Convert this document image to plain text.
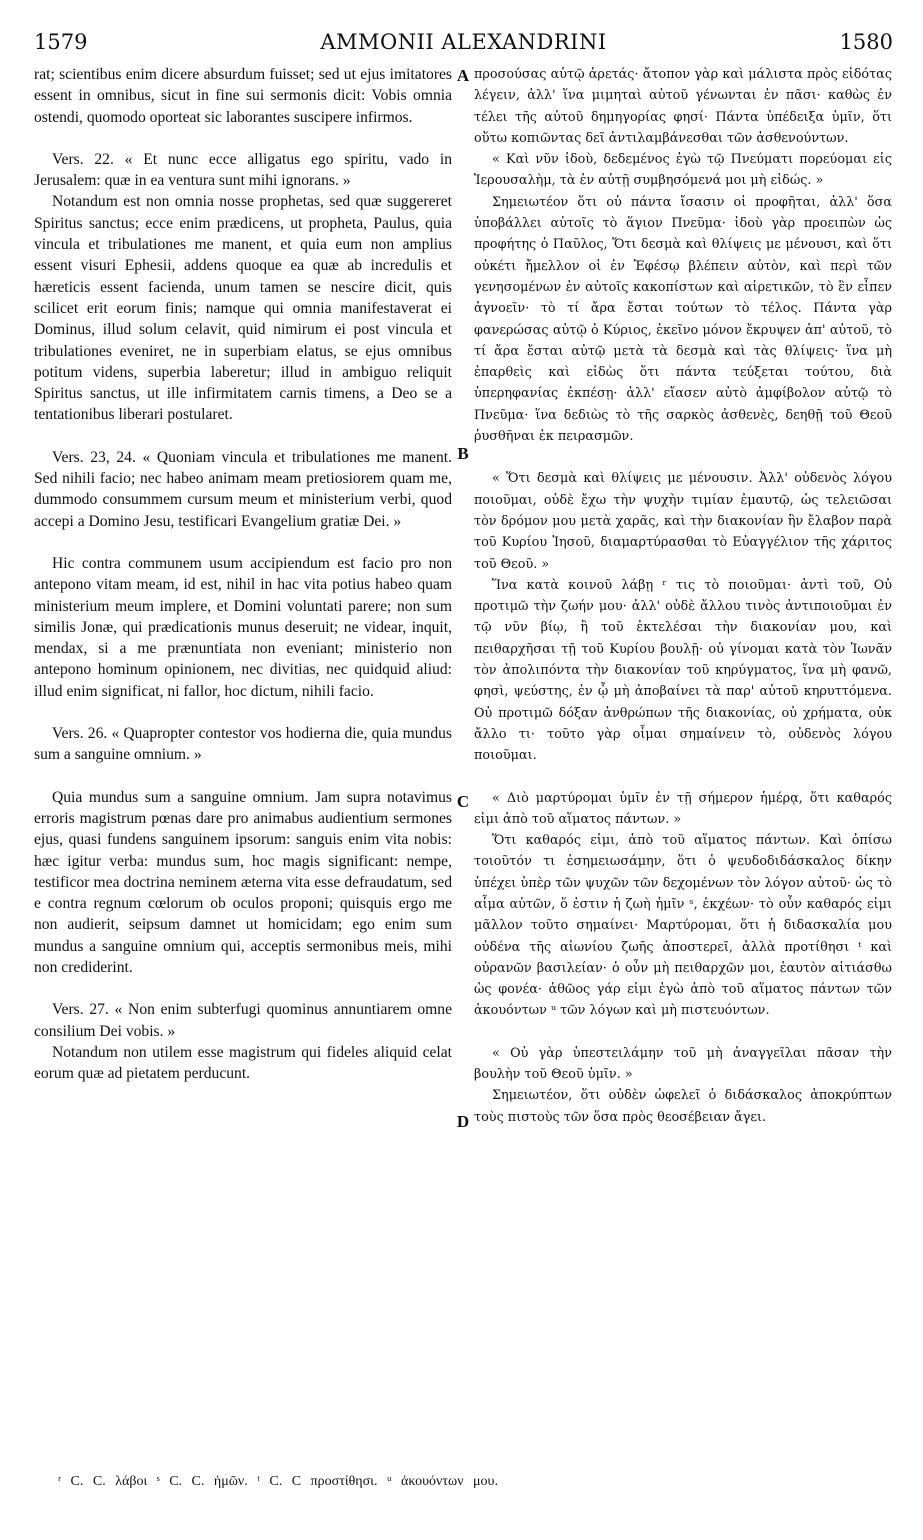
1579	AMMONII ALEXANDRINI	1580

rat; scientibus enim dicere absurdum fuisset; sed ut ejus imitatores essent in omnibus, sicut in fine sui sermonis dicit: Vobis omnia ostendi, quomodo oporteat sic laborantes suscipere infirmos.

Vers. 22. « Et nunc ecce alligatus ego spiritu, vado in Jerusalem: quæ in ea ventura sunt mihi ignorans. »

Notandum est non omnia nosse prophetas, sed quæ suggereret Spiritus sanctus; ecce enim prædicens, ut propheta, Paulus, quia vincula et tribulationes me manent, et quia eum non amplius essent visuri Ephesii, addens quoque ea quæ ab incredulis et hæreticis essent facienda, unum tamen se nescire dicit, quis scilicet erit eorum finis; namque qui omnia manifestaverat ei Dominus, illud solum celavit, quid nimirum ei post vincula et tribulationes eveniret, ne in superbiam elatus, se ejus omnibus potitum videns, superbia laberetur; illud in ambiguo reliquit Spiritus sanctus, ut ille infirmitatem carnis timens, a Deo se a tentationibus liberari postularet.

Vers. 23, 24. « Quoniam vincula et tribulationes me manent. Sed nihili facio; nec habeo animam meam pretiosiorem quam me, dummodo consummem cursum meum et ministerium verbi, quod accepi a Domino Jesu, testificari Evangelium gratiæ Dei. »

Hic contra communem usum accipiendum est facio pro non antepono vitam meam, id est, nihil in hac vita potius habeo quam ministerium meum implere, et Domini voluntati parere; non sum similis Jonæ, qui prædicationis munus deseruit; ne videar, inquit, mendax, si a me prænuntiata non eveniant; ministerio non antepono hominum opinionem, nec divitias, nec quidquid aliud: illud enim significat, ni fallor, hoc dictum, nihili facio.

Vers. 26. « Quapropter contestor vos hodierna die, quia mundus sum a sanguine omnium. »

Quia mundus sum a sanguine omnium. Jam supra notavimus erroris magistrum pœnas dare pro animabus audientium sermones ejus, quasi fundens sanguinem ipsorum: sanguis enim vita nobis: hæc igitur verba: mundus sum, hoc magis significant: nempe, testificor mea doctrina neminem æterna vita esse defraudatum, sed e contra regnum cœlorum ob oculos proponi; quisquis ergo me non audierit, seipsum damnet ut homicidam; ego enim sum mundus a sanguine omnium qui, acceptis sermonibus meis, mihi non crediderint.

Vers. 27. « Non enim subterfugi quominus annuntiarem omne consilium Dei vobis. »

Notandum non utilem esse magistrum qui fideles aliquid celat eorum quæ ad pietatem perducunt.

A
B
C
D

προσούσας αὐτῷ ἀρετάς· ἄτοπον γὰρ καὶ μάλιστα πρὸς εἰδότας λέγειν, ἀλλ' ἵνα μιμηταὶ αὐτοῦ γένωνται ἐν πᾶσι· καθὼς ἐν τέλει τῆς αὐτοῦ δημηγορίας φησί· Πάντα ὑπέδειξα ὑμῖν, ὅτι οὕτω κοπιῶντας δεῖ ἀντιλαμβάνεσθαι τῶν ἀσθενούντων.

« Καὶ νῦν ἰδοὺ, δεδεμένος ἐγὼ τῷ Πνεύματι πορεύομαι εἰς Ἱερουσαλὴμ, τὰ ἐν αὐτῇ συμβησόμενά μοι μὴ εἰδώς. »

Σημειωτέον ὅτι οὐ πάντα ἴσασιν οἱ προφῆται, ἀλλ' ὅσα ὑποβάλλει αὐτοῖς τὸ ἅγιον Πνεῦμα· ἰδοὺ γὰρ προειπὼν ὡς προφήτης ὁ Παῦλος, Ὅτι δεσμὰ καὶ θλίψεις με μένουσι, καὶ ὅτι οὐκέτι ἤμελλον οἱ ἐν Ἐφέσῳ βλέπειν αὐτὸν, καὶ περὶ τῶν γενησομένων ἐν αὐτοῖς κακοπίστων καὶ αἱρετικῶν, τὸ ἓν εἶπεν ἀγνοεῖν· τὸ τί ἄρα ἔσται τούτων τὸ τέλος. Πάντα γὰρ φανερώσας αὐτῷ ὁ Κύριος, ἐκεῖνο μόνον ἔκρυψεν ἀπ' αὐτοῦ, τὸ τί ἄρα ἔσται αὐτῷ μετὰ τὰ δεσμὰ καὶ τὰς θλίψεις· ἵνα μὴ ἐπαρθεὶς καὶ εἰδὼς ὅτι πάντα τεύξεται τούτου, διὰ ὑπερηφανίας ἐκπέσῃ· ἀλλ' εἴασεν αὐτὸ ἀμφίβολον αὐτῷ τὸ Πνεῦμα· ἵνα δεδιὼς τὸ τῆς σαρκὸς ἀσθενὲς, δεηθῇ τοῦ Θεοῦ ῥυσθῆναι ἐκ πειρασμῶν.

« Ὅτι δεσμὰ καὶ θλίψεις με μένουσιν. Ἀλλ' οὐδενὸς λόγου ποιοῦμαι, οὐδὲ ἔχω τὴν ψυχὴν τιμίαν ἐμαυτῷ, ὡς τελειῶσαι τὸν δρόμον μου μετὰ χαρᾶς, καὶ τὴν διακονίαν ἣν ἔλαβον παρὰ τοῦ Κυρίου Ἰησοῦ, διαμαρτύρασθαι τὸ Εὐαγγέλιον τῆς χάριτος τοῦ Θεοῦ. »

Ἵνα κατὰ κοινοῦ λάβῃ ʳ τις τὸ ποιοῦμαι· ἀντὶ τοῦ, Οὐ προτιμῶ τὴν ζωήν μου· ἀλλ' οὐδὲ ἄλλου τινὸς ἀντιποιοῦμαι ἐν τῷ νῦν βίῳ, ἢ τοῦ ἐκτελέσαι τὴν διακονίαν μου, καὶ πειθαρχῆσαι τῇ τοῦ Κυρίου βουλῇ· οὐ γίνομαι κατὰ τὸν Ἰωνᾶν τὸν ἀπολιπόντα τὴν διακονίαν τοῦ κηρύγματος, ἵνα μὴ φανῶ, φησὶ, ψεύστης, ἐν ᾧ μὴ ἀποβαίνει τὰ παρ' αὐτοῦ κηρυττόμενα. Οὐ προτιμῶ δόξαν ἀνθρώπων τῆς διακονίας, οὐ χρήματα, οὐκ ἄλλο τι· τοῦτο γὰρ οἶμαι σημαίνειν τὸ, οὐδενὸς λόγου ποιοῦμαι.

« Διὸ μαρτύρομαι ὑμῖν ἐν τῇ σήμερον ἡμέρᾳ, ὅτι καθαρός εἰμι ἀπὸ τοῦ αἵματος πάντων. »

Ὅτι καθαρός εἰμι, ἀπὸ τοῦ αἵματος πάντων. Καὶ ὀπίσω τοιοῦτόν τι ἐσημειωσάμην, ὅτι ὁ ψευδοδιδάσκαλος δίκην ὑπέχει ὑπὲρ τῶν ψυχῶν τῶν δεχομένων τὸν λόγον αὐτοῦ· ὡς τὸ αἷμα αὐτῶν, ὅ ἐστιν ἡ ζωὴ ἡμῖν ˢ, ἐκχέων· τὸ οὖν καθαρός εἰμι μᾶλλον τοῦτο σημαίνει· Μαρτύρομαι, ὅτι ἡ διδασκαλία μου οὐδένα τῆς αἰωνίου ζωῆς ἀποστερεῖ, ἀλλὰ προτίθησι ᵗ καὶ οὐρανῶν βασιλείαν· ὁ οὖν μὴ πειθαρχῶν μοι, ἑαυτὸν αἰτιάσθω ὡς φονέα· ἀθῶος γάρ εἰμι ἐγὼ ἀπὸ τοῦ αἵματος πάντων τῶν ἀκουόντων ᵘ τῶν λόγων καὶ μὴ πιστευόντων.

« Οὐ γὰρ ὑπεστειλάμην τοῦ μὴ ἀναγγεῖλαι πᾶσαν τὴν βουλὴν τοῦ Θεοῦ ὑμῖν. »

Σημειωτέον, ὅτι οὐδὲν ὠφελεῖ ὁ διδάσκαλος ἀποκρύπτων τοὺς πιστοὺς τῶν ὅσα πρὸς θεοσέβειαν ἄγει.

ʳ C. C. λάβοι ˢ C. C. ἡμῶν. ᵗ C. C προστίθησι. ᵘ ἀκουόντων μου.
